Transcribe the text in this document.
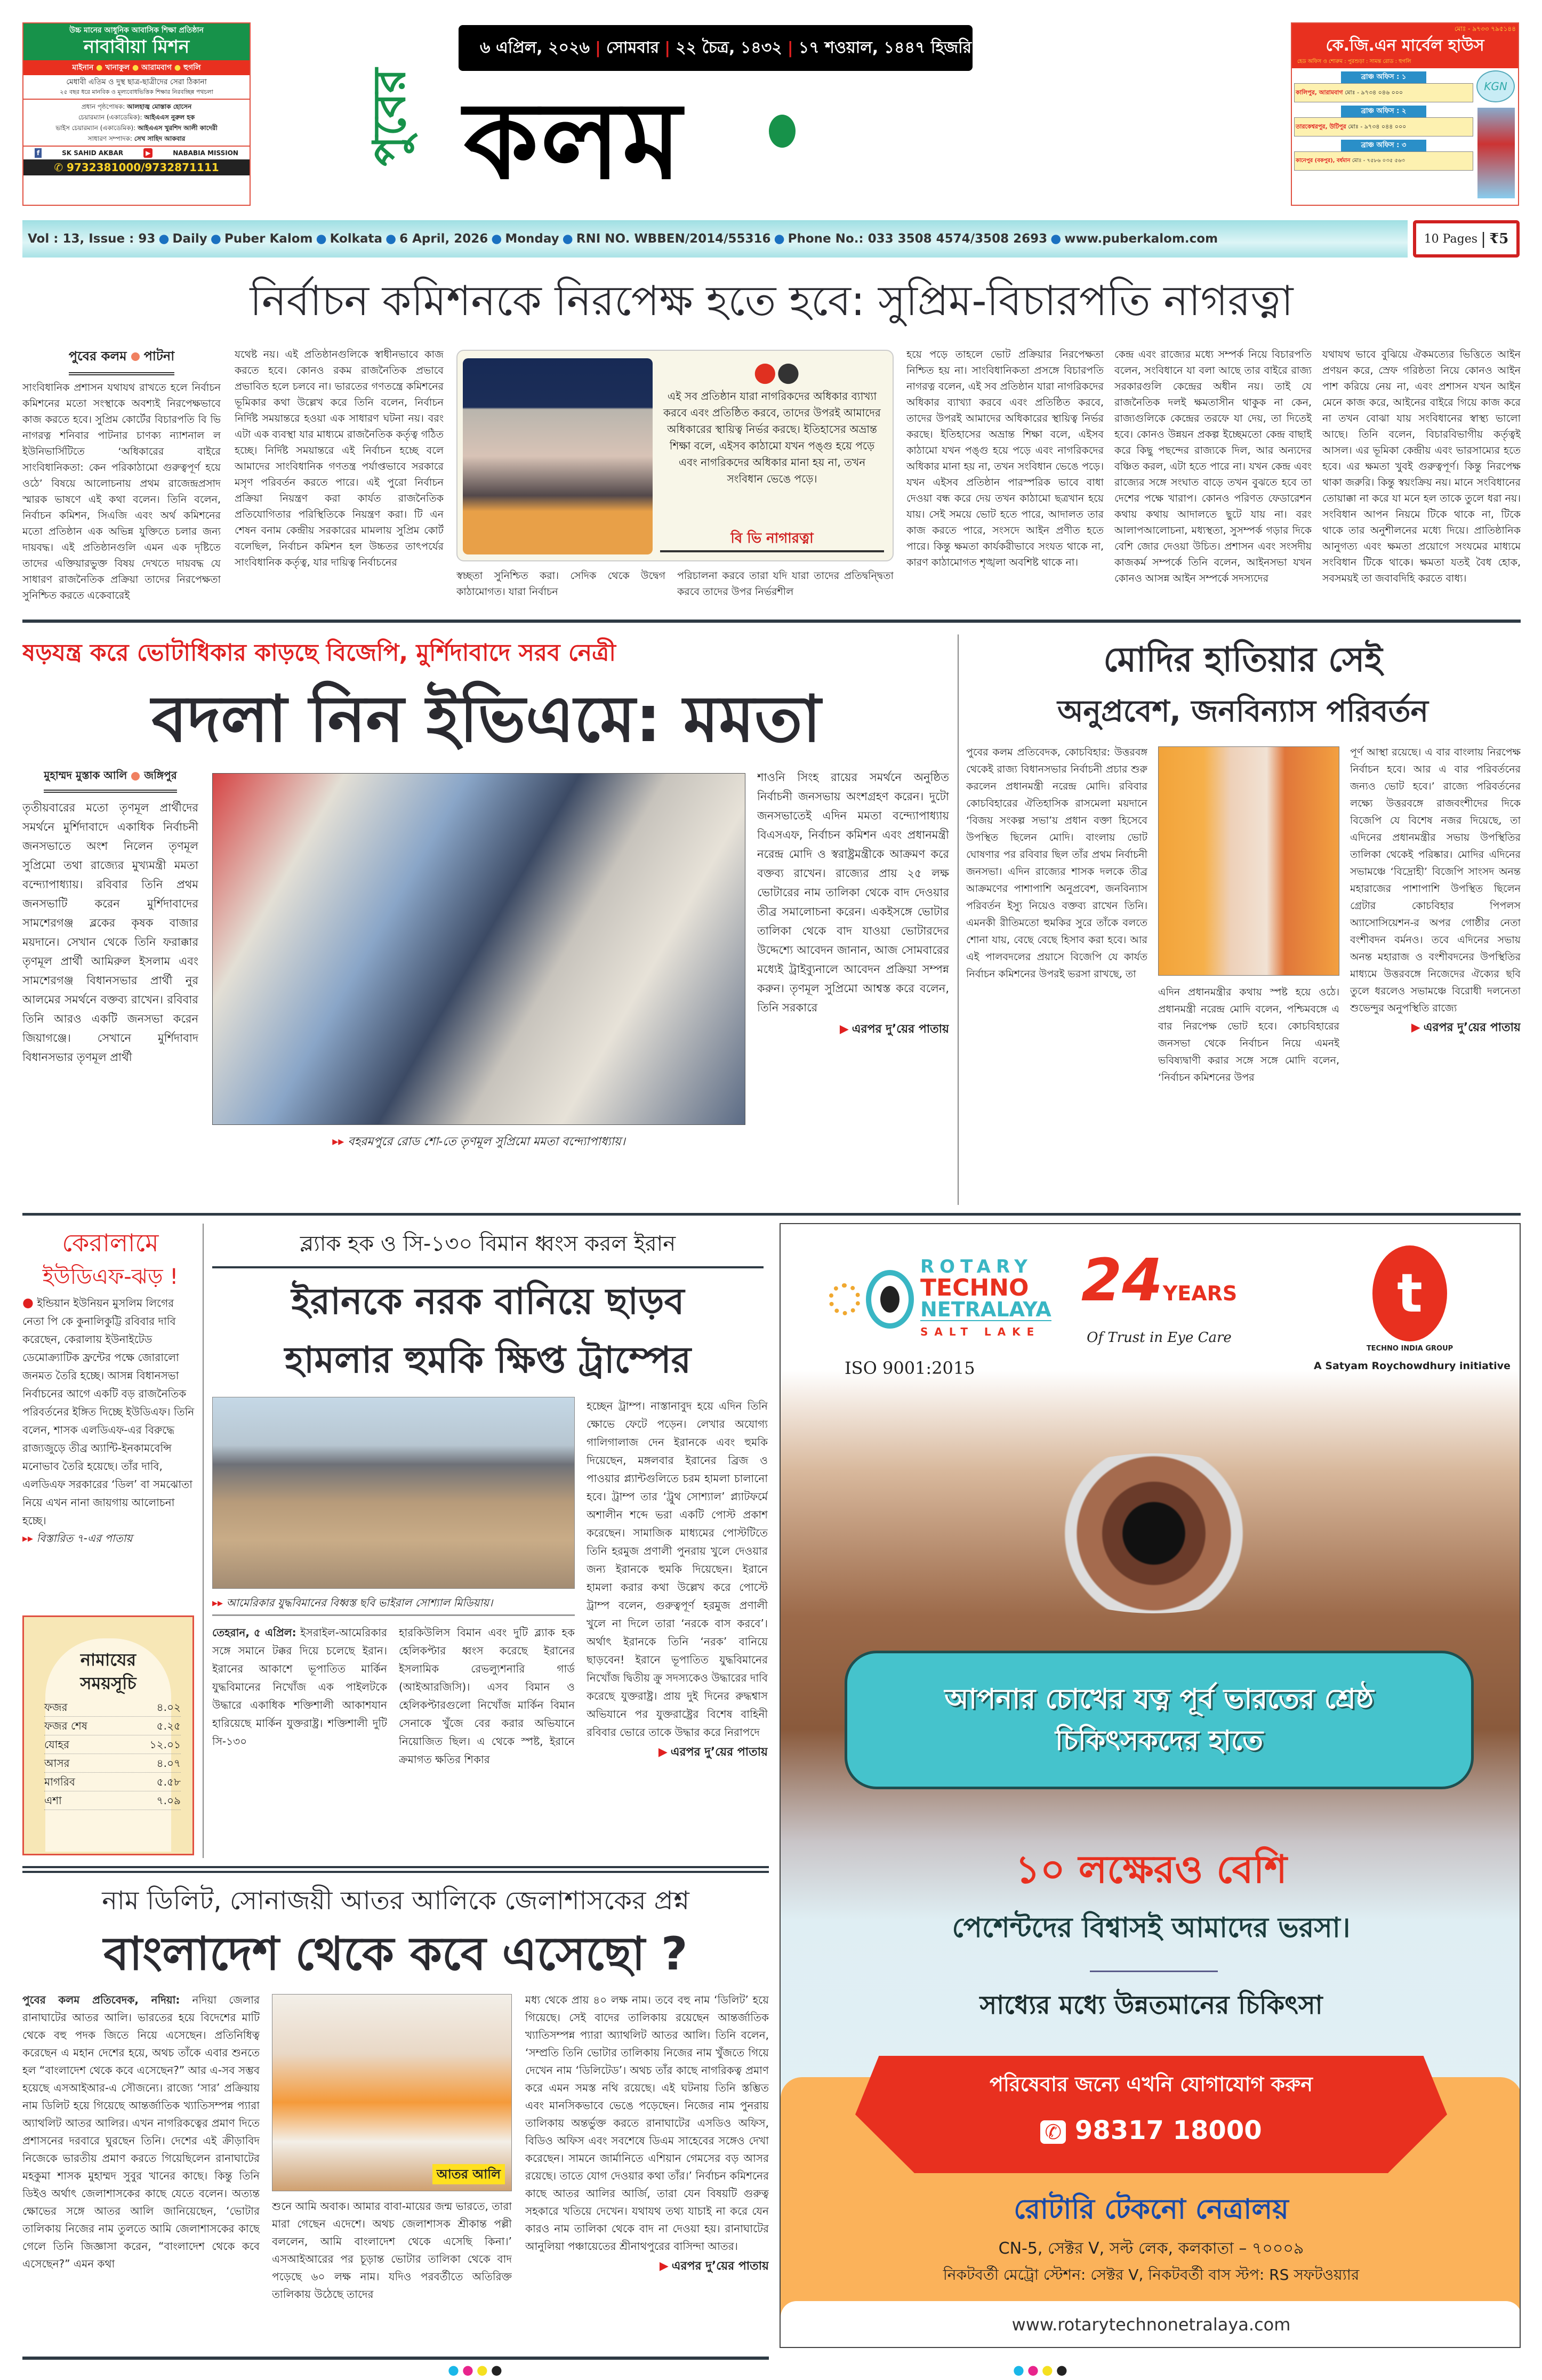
উচ্চ মানের আধুনিক আবাসিক শিক্ষা প্রতিষ্ঠান
নাবাবীয়া মিশন
মাইনান ● খানাকুল ● আরামবাগ ● হুগলি
মেধাবী এতিম ও দুস্থ ছাত্র-ছাত্রীদের সেরা ঠিকানা
২৫ বছর ধরে মানবিক ও মূল্যবোধভিত্তিক শিক্ষার নিরবচ্ছিন্ন পথচলা
প্রধান পৃষ্ঠপোষক: আলহাজ্ব মোস্তাক হোসেন
চেয়ারম্যান (একাডেমিক): আইএএস নুরুল হক
ভাইস চেয়ারম্যান (একাডেমিক): আইএএস খুরশিদ আলী কাদেরী
সাধারণ সম্পাদক: সেখ সাহিদ আকবার
f	SK SAHID AKBAR	▶	NABABIA MISSION
✆ 9732381000/9732871111
পুবের
৬ এপ্রিল, ২০২৬ | সোমবার | ২২ চৈত্র, ১৪৩২ | ১৭ শওয়াল, ১৪৪৭ হিজরি
কলম
মোঃ - ৯৭৩৩ ৭৯৫১৪৪
কে.জি.এন মার্বেল হাউস
হেড অফিস ও শোরুম : পুরশুড়া : সামন্ত রোড : হুগলি
KGN
ব্রাঞ্চ অফিস : ১
কালিপুর, আরামবাগ মোঃ - ৯৭৩৪ ০৪৬ ০০০
ব্রাঞ্চ অফিস : ২
তারকেশ্বরপুর, উটিপুর মোঃ - ৯৭৩৪ ০৪৪ ০০০
ব্রাঞ্চ অফিস : ৩
কানেপুর (বকপুর), বর্ধমান মোঃ - ৭৫৮৬ ০৩৫ ৫৬৩
Vol : 13, Issue : 93 ● Daily ● Puber Kalom ● Kolkata ● 6 April, 2026 ● Monday ● RNI NO. WBBEN/2014/55316 ● Phone No.: 033 3508 4574/3508 2693 ● www.puberkalom.com	10 Pages | ₹5
নির্বাচন কমিশনকে নিরপেক্ষ হতে হবে: সুপ্রিম-বিচারপতি নাগরত্না
পুবের কলম পাটনা
সাংবিধানিক প্রশাসন যথাযথ রাখতে হলে নির্বাচন কমিশনের মতো সংস্থাকে অবশ্যই নিরপেক্ষভাবে কাজ করতে হবে। সুপ্রিম কোর্টের বিচারপতি বি ভি নাগরত্ন শনিবার পাটনার চাণক্য ন্যাশনাল ল ইউনিভার্সিটিতে ‘অধিকারের বাইরে সাংবিধানিকতা: কেন পরিকাঠামো গুরুত্বপূর্ণ হয়ে ওঠে’ বিষয়ে আলোচনায় প্রথম রাজেন্দ্রপ্রসাদ স্মারক ভাষণে এই কথা বলেন। তিনি বলেন, নির্বাচন কমিশন, সিএজি এবং অর্থ কমিশনের মতো প্রতিষ্ঠান এক অভিন্ন যুক্তিতে চলার জন্য দায়বদ্ধ। এই প্রতিষ্ঠানগুলি এমন এক দৃষ্টিতে তাদের এক্তিয়ারভুক্ত বিষয় দেখতে দায়বদ্ধ যে সাধারণ রাজনৈতিক প্রক্রিয়া তাদের নিরপেক্ষতা সুনিশ্চিত করতে একেবারেই
যথেষ্ট নয়। এই প্রতিষ্ঠানগুলিকে স্বাধীনভাবে কাজ করতে হবে। কোনও রকম রাজনৈতিক প্রভাবে প্রভাবিত হলে চলবে না। ভারতের গণতন্ত্রে কমিশনের ভূমিকার কথা উল্লেখ করে তিনি বলেন, নির্বাচন নির্দিষ্ট সময়ান্তরে হওয়া এক সাধারণ ঘটনা নয়। বরং এটা এক ব্যবস্থা যার মাধ্যমে রাজনৈতিক কর্তৃত্ব গঠিত হচ্ছে। নির্দিষ্ট সময়ান্তরে এই নির্বাচন হচ্ছে বলে আমাদের সাংবিধানিক গণতন্ত্র পর্যাপ্তভাবে সরকারে মসৃণ পরিবর্তন করতে পারে। এই পুরো নির্বাচন প্রক্রিয়া নিয়ন্ত্রণ করা কার্যত রাজনৈতিক প্রতিযোগিতার পরিস্থিতিকে নিয়ন্ত্রণ করা। টি এন শেষন বনাম কেন্দ্রীয় সরকারের মামলায় সুপ্রিম কোর্ট বলেছিল, নির্বাচন কমিশন হল উচ্চতর তাৎপর্যের সাংবিধানিক কর্তৃত্ব, যার দায়িত্ব নির্বাচনের
●●
এই সব প্রতিষ্ঠান যারা নাগরিকদের অধিকার ব্যাখ্যা করবে এবং প্রতিষ্ঠিত করবে, তাদের উপরই আমাদের অধিকারের স্থায়িত্ব নির্ভর করছে। ইতিহাসের অভ্রান্ত শিক্ষা বলে, এইসব কাঠামো যখন পঙ্গু হয়ে পড়ে এবং নাগরিকদের অধিকার মানা হয় না, তখন সংবিধান ভেঙে পড়ে।
বি ভি নাগারত্না
স্বচ্ছতা সুনিশ্চিত করা। সেদিক থেকে উদ্বেগ কাঠামোগত। যারা নির্বাচন
পরিচালনা করবে তারা যদি যারা তাদের প্রতিদ্বন্দ্বিতা করবে তাদের উপর নির্ভরশীল
হয়ে পড়ে তাহলে ভোট প্রক্রিয়ার নিরপেক্ষতা নিশ্চিত হয় না। সাংবিধানিকতা প্রসঙ্গে বিচারপতি নাগরত্ন বলেন, এই সব প্রতিষ্ঠান যারা নাগরিকদের অধিকার ব্যাখ্যা করবে এবং প্রতিষ্ঠিত করবে, তাদের উপরই আমাদের অধিকারের স্থায়িত্ব নির্ভর করছে। ইতিহাসের অভ্রান্ত শিক্ষা বলে, এইসব কাঠামো যখন পঙ্গু হয়ে পড়ে এবং নাগরিকদের অধিকার মানা হয় না, তখন সংবিধান ভেঙে পড়ে। যখন এইসব প্রতিষ্ঠান পারস্পরিক ভাবে বাধা দেওয়া বন্ধ করে দেয় তখন কাঠামো ছত্রখান হয়ে যায়। সেই সময়ে ভোট হতে পারে, আদালত তার কাজ করতে পারে, সংসদে আইন প্রণীত হতে পারে। কিন্তু ক্ষমতা কার্যকরীভাবে সংযত থাকে না, কারণ কাঠামোগত শৃঙ্খলা অবশিষ্ট থাকে না।
কেন্দ্র এবং রাজ্যের মধ্যে সম্পর্ক নিয়ে বিচারপতি বলেন, সংবিধানে যা বলা আছে তার বাইরে রাজ্য সরকারগুলি কেন্দ্রের অধীন নয়। তাই যে রাজনৈতিক দলই ক্ষমতাসীন থাকুক না কেন, রাজ্যগুলিকে কেন্দ্রের তরফে যা দেয়, তা দিতেই হবে। কোনও উন্নয়ন প্রকল্প ইচ্ছেমতো কেন্দ্র বাছাই করে কিছু পছন্দের রাজ্যকে দিল, আর অন্যদের বঞ্চিত করল, এটা হতে পারে না। যখন কেন্দ্র এবং রাজ্যের সঙ্গে সংঘাত বাড়ে তখন বুঝতে হবে তা দেশের পক্ষে খারাপ। কোনও পরিণত ফেডারেশন কথায় কথায় আদালতে ছুটে যায় না। বরং আলাপআলোচনা, মধ্যস্থতা, সুসম্পর্ক গড়ার দিকে বেশি জোর দেওয়া উচিত। প্রশাসন এবং সংসদীয় কাজকর্ম সম্পর্কে তিনি বলেন, আইনসভা যখন কোনও আসন্ন আইন সম্পর্কে সদস্যদের
যথাযথ ভাবে বুঝিয়ে ঐকমত্যের ভিত্তিতে আইন প্রণয়ন করে, স্রেফ গরিষ্ঠতা নিয়ে কোনও আইন পাশ করিয়ে নেয় না, এবং প্রশাসন যখন আইন মেনে কাজ করে, আইনের বাইরে গিয়ে কাজ করে না তখন বোঝা যায় সংবিধানের স্বাস্থ্য ভালো আছে। তিনি বলেন, বিচারবিভাগীয় কর্তৃত্বই আসল। এর ভূমিকা কেন্দ্রীয় এবং ভারসাম্যের হতে হবে। এর ক্ষমতা খুবই গুরুত্বপূর্ণ। কিন্তু নিরপেক্ষ থাকা জরুরি। কিন্তু স্বয়ংক্রিয় নয়। মানে সংবিধানের তোয়াক্কা না করে যা মনে হল তাকে তুলে ধরা নয়। সংবিধান আপন নিয়মে টিকে থাকে না, টিকে থাকে তার অনুশীলনের মধ্যে দিয়ে। প্রাতিষ্ঠানিক আনুগত্য এবং ক্ষমতা প্রয়োগে সংযমের মাধ্যমে সংবিধান টিকে থাকে। ক্ষমতা যতই বৈধ হোক, সবসময়ই তা জবাবদিহি করতে বাধ্য।
ষড়যন্ত্র করে ভোটাধিকার কাড়ছে বিজেপি, মুর্শিদাবাদে সরব নেত্রী
বদলা নিন ইভিএমে: মমতা
মুহাম্মদ মুস্তাক আলি জঙ্গিপুর
তৃতীয়বারের মতো তৃণমূল প্রার্থীদের সমর্থনে মুর্শিদাবাদে একাধিক নির্বাচনী জনসভাতে অংশ নিলেন তৃণমূল সুপ্রিমো তথা রাজ্যের মুখ্যমন্ত্রী মমতা বন্দ্যোপাধ্যায়। রবিবার তিনি প্রথম জনসভাটি করেন মুর্শিদাবাদের সামশেরগঞ্জ ব্লকের কৃষক বাজার ময়দানে। সেখান থেকে তিনি ফরাক্কার তৃণমূল প্রার্থী আমিরুল ইসলাম এবং সামশেরগঞ্জ বিধানসভার প্রার্থী নুর আলমের সমর্থনে বক্তব্য রাখেন। রবিবার তিনি আরও একটি জনসভা করেন জিয়াগঞ্জে। সেখানে মুর্শিদাবাদ বিধানসভার তৃণমূল প্রার্থী
▸▸ বহরমপুরে রোড শো-তে তৃণমূল সুপ্রিমো মমতা বন্দ্যোপাধ্যায়।
শাওনি সিংহ রায়ের সমর্থনে অনুষ্ঠিত নির্বাচনী জনসভায় অংশগ্রহণ করেন। দুটো জনসভাতেই এদিন মমতা বন্দ্যোপাধ্যায় বিএসএফ, নির্বাচন কমিশন এবং প্রধানমন্ত্রী নরেন্দ্র মোদি ও স্বরাষ্ট্রমন্ত্রীকে আক্রমণ করে বক্তব্য রাখেন। রাজ্যের প্রায় ২৫ লক্ষ ভোটারের নাম তালিকা থেকে বাদ দেওয়ার তীব্র সমালোচনা করেন। একইসঙ্গে ভোটার তালিকা থেকে বাদ যাওয়া ভোটারদের উদ্দেশ্যে আবেদন জানান, আজ সোমবারের মধ্যেই ট্রাইব্যুনালে আবেদন প্রক্রিয়া সম্পন্ন করুন। তৃণমূল সুপ্রিমো আশ্বস্ত করে বলেন, তিনি সরকারে
▶ এরপর দু’য়ের পাতায়
মোদির হাতিয়ার সেই
অনুপ্রবেশ, জনবিন্যাস পরিবর্তন
পুবের কলম প্রতিবেদক, কোচবিহার: উত্তরবঙ্গ থেকেই রাজ্য বিধানসভার নির্বাচনী প্রচার শুরু করলেন প্রধানমন্ত্রী নরেন্দ্র মোদি। রবিবার কোচবিহারের ঐতিহাসিক রাসমেলা ময়দানে ‘বিজয় সংকল্প সভা’য় প্রধান বক্তা হিসেবে উপস্থিত ছিলেন মোদি। বাংলায় ভোট ঘোষণার পর রবিবার ছিল তাঁর প্রথম নির্বাচনী জনসভা। এদিন রাজ্যের শাসক দলকে তীব্র আক্রমণের পাশাপাশি অনুপ্রবেশ, জনবিন্যাস পরিবর্তন ইস্যু নিয়েও বক্তব্য রাখেন তিনি। এমনকী রীতিমতো হুমকির সুরে তাঁকে বলতে শোনা যায়, বেছে বেছে হিসাব করা হবে। আর এই পালবদলের প্রয়াসে বিজেপি যে কার্যত নির্বাচন কমিশনের উপরই ভরসা রাখছে, তা
এদিন প্রধানমন্ত্রীর কথায় স্পষ্ট হয়ে ওঠে। প্রধানমন্ত্রী নরেন্দ্র মোদি বলেন, পশ্চিমবঙ্গে এ বার নিরপেক্ষ ভোট হবে। কোচবিহারের জনসভা থেকে নির্বাচন নিয়ে এমনই ভবিষ্যদ্বাণী করার সঙ্গে সঙ্গে মোদি বলেন, ‘নির্বাচন কমিশনের উপর
পূর্ণ আস্থা রয়েছে। এ বার বাংলায় নিরপেক্ষ নির্বাচন হবে। আর এ বার পরিবর্তনের জন্যও ভোট হবে।’ রাজ্যে পরিবর্তনের লক্ষ্যে উত্তরবঙ্গে রাজবংশীদের দিকে বিজেপি যে বিশেষ নজর দিয়েছে, তা এদিনের প্রধানমন্ত্রীর সভায় উপস্থিতির তালিকা থেকেই পরিষ্কার। মোদির এদিনের সভামঞ্চে ‘বিদ্রোহী’ বিজেপি সাংসদ অনন্ত মহারাজের পাশাপাশি উপস্থিত ছিলেন গ্রেটার কোচবিহার পিপলস অ্যাসোসিয়েশন-র অপর গোষ্ঠীর নেতা বংশীবদন বর্মনও। তবে এদিনের সভায় অনন্ত মহারাজ ও বংশীবদনের উপস্থিতির মাধ্যমে উত্তরবঙ্গে নিজেদের ঐক্যের ছবি তুলে ধরলেও সভামঞ্চে বিরোধী দলনেতা শুভেন্দুর অনুপস্থিতি রাজ্যে
▶ এরপর দু’য়ের পাতায়
কেরালামে
ইউডিএফ-ঝড় !
● ইন্ডিয়ান ইউনিয়ন মুসলিম লিগের নেতা পি কে কুনালিকুট্টি রবিবার দাবি করেছেন, কেরালায় ইউনাইটেড ডেমোক্র্যাটিক ফ্রন্টের পক্ষে জোরালো জনমত তৈরি হচ্ছে। আসন্ন বিধানসভা নির্বাচনের আগে একটি বড় রাজনৈতিক পরিবর্তনের ইঙ্গিত দিচ্ছে ইউডিএফ। তিনি বলেন, শাসক এলডিএফ-এর বিরুদ্ধে রাজ্যজুড়ে তীব্র অ্যান্টি-ইনকামবেন্সি মনোভাব তৈরি হয়েছে। তাঁর দাবি, এলডিএফ সরকারের ‘ডিল’ বা সমঝোতা নিয়ে এখন নানা জায়গায় আলোচনা হচ্ছে।
▸▸ বিস্তারিত ৭-এর পাতায়
নামাযের
সময়সূচি
ফজর	৪.০২
ফজর শেষ	৫.২৫
যোহর	১২.০১
আসর	৪.০৭
মাগরিব	৫.৫৮
এশা	৭.০৯
ব্ল্যাক হক ও সি-১৩০ বিমান ধ্বংস করল ইরান
ইরানকে নরক বানিয়ে ছাড়ব
হামলার হুমকি ক্ষিপ্ত ট্রাম্পের
▸▸ আমেরিকার যুদ্ধবিমানের বিধ্বস্ত ছবি ভাইরাল সোশ্যাল মিডিয়ায়।
তেহরান, ৫ এপ্রিল: ইসরাইল-আমেরিকার সঙ্গে সমানে টক্কর দিয়ে চলেছে ইরান। ইরানের আকাশে ভূপাতিত মার্কিন যুদ্ধবিমানের নিখোঁজ এক পাইলটকে উদ্ধারে একাধিক শক্তিশালী আকাশযান হারিয়েছে মার্কিন যুক্তরাষ্ট্র। শক্তিশালী দুটি সি-১৩০
হারকিউলিস বিমান এবং দুটি ব্ল্যাক হক হেলিকপ্টার ধ্বংস করেছে ইরানের ইসলামিক রেভল্যুশনারি গার্ড (আইআরজিসি)। এসব বিমান ও হেলিকপ্টারগুলো নিখোঁজ মার্কিন বিমান সেনাকে খুঁজে বের করার অভিযানে নিয়োজিত ছিল। এ থেকে স্পষ্ট, ইরানে ক্রমাগত ক্ষতির শিকার
হচ্ছেন ট্রাম্প। নাস্তানাবুদ হয়ে এদিন তিনি ক্ষোভে ফেটে পড়েন। লেখার অযোগ্য গালিগালাজ দেন ইরানকে এবং হুমকি দিয়েছেন, মঙ্গলবার ইরানের ব্রিজ ও পাওয়ার প্ল্যান্টগুলিতে চরম হামলা চালানো হবে। ট্রাম্প তার ‘ট্রুথ সোশ্যাল’ প্ল্যাটফর্মে অশালীন শব্দে ভরা একটি পোস্ট প্রকাশ করেছেন। সামাজিক মাধ্যমের পোস্টটিতে তিনি হরমুজ প্রণালী পুনরায় খুলে দেওয়ার জন্য ইরানকে হুমকি দিয়েছেন। ইরানে হামলা করার কথা উল্লেখ করে পোস্টে ট্রাম্প বলেন, গুরুত্বপূর্ণ হরমুজ প্রণালী খুলে না দিলে তারা ‘নরকে বাস করবে’। অর্থাৎ ইরানকে তিনি ‘নরক’ বানিয়ে ছাড়বেন! ইরানে ভূপাতিত যুদ্ধবিমানের নিখোঁজ দ্বিতীয় ক্রু সদস্যকেও উদ্ধারের দাবি করেছে যুক্তরাষ্ট্র। প্রায় দুই দিনের রুদ্ধশ্বাস অভিযানে পর যুক্তরাষ্ট্রের বিশেষ বাহিনী রবিবার ভোরে তাকে উদ্ধার করে নিরাপদে
▶ এরপর দু’য়ের পাতায়
নাম ডিলিট, সোনাজয়ী আতর আলিকে জেলাশাসকের প্রশ্ন
বাংলাদেশ থেকে কবে এসেছো ?
পুবের কলম প্রতিবেদক, নদিয়া: নদিয়া জেলার রানাঘাটের আতর আলি। ভারতের হয়ে বিদেশের মাটি থেকে বহু পদক জিতে নিয়ে এসেছেন। প্রতিনিধিত্ব করেছেন এ মহান দেশের হয়ে, অথচ তাঁকে এবার শুনতে হল “বাংলাদেশ থেকে কবে এসেছেন?” আর এ-সব সম্ভব হয়েছে এসআইআর-এ সৌজন্যে। রাজ্যে ‘সার’ প্রক্রিয়ায় নাম ডিলিট হয়ে গিয়েছে আন্তর্জাতিক খ্যাতিসম্পন্ন প্যারা অ্যাথলিট আতর আলির। এখন নাগরিকত্বের প্রমাণ দিতে প্রশাসনের দরবারে ঘুরছেন তিনি। দেশের এই ক্রীড়াবিদ নিজেকে ভারতীয় প্রমাণ করতে গিয়েছিলেন রানাঘাটের মহকুমা শাসক মুহাম্মদ সুবুর খানের কাছে। কিন্তু তিনি ডিইও অর্থাৎ জেলাশাসকের কাছে যেতে বলেন। অত্যন্ত ক্ষোভের সঙ্গে আতর আলি জানিয়েছেন, ‘ভোটার তালিকায় নিজের নাম তুলতে আমি জেলাশাসকের কাছে গেলে তিনি জিজ্ঞাসা করেন, “বাংলাদেশ থেকে কবে এসেছেন?” এমন কথা
আতর আলি
শুনে আমি অবাক। আমার বাবা-মায়ের জন্ম ভারতে, তারা মারা গেছেন এদেশে। অথচ জেলাশাসক শ্রীকান্ত পল্লী বললেন, আমি বাংলাদেশ থেকে এসেছি কিনা।’ এসআইআরের পর চূড়ান্ত ভোটার তালিকা থেকে বাদ পড়েছে ৬০ লক্ষ নাম। যদিও পরবর্তীতে অতিরিক্ত তালিকায় উঠেছে তাদের
মধ্য থেকে প্রায় ৪০ লক্ষ নাম। তবে বহু নাম ‘ডিলিট’ হয়ে গিয়েছে। সেই বাদের তালিকায় রয়েছেন আন্তর্জাতিক খ্যাতিসম্পন্ন প্যারা অ্যাথলিট আতর আলি। তিনি বলেন, ‘সম্প্রতি তিনি ভোটার তালিকায় নিজের নাম খুঁজতে গিয়ে দেখেন নাম ‘ডিলিটেড’। অথচ তাঁর কাছে নাগরিকত্ব প্রমাণ করে এমন সমস্ত নথি রয়েছে। এই ঘটনায় তিনি স্তম্ভিত এবং মানসিকভাবে ভেঙে পড়েছেন। নিজের নাম পুনরায় তালিকায় অন্তর্ভুক্ত করতে রানাঘাটের এসডিও অফিস, বিডিও অফিস এবং সবশেষে ডিএম সাহেবের সঙ্গেও দেখা করেছেন। সামনে জার্মানিতে এশিয়ান গেমসের বড় আসর রয়েছে। তাতে যোগ দেওয়ার কথা তাঁর।’ নির্বাচন কমিশনের কাছে আতর আলির আর্জি, তারা যেন বিষয়টি গুরুত্ব সহকারে খতিয়ে দেখেন। যথাযথ তথ্য যাচাই না করে যেন কারও নাম তালিকা থেকে বাদ না দেওয়া হয়। রানাঘাটের আনুলিয়া পঞ্চায়েতের শ্রীনাথপুরের বাসিন্দা আতর।
▶ এরপর দু’য়ের পাতায়
●●●●
ROTARY
TECHNO
NETRALAYA
SALT LAKE
ISO 9001:2015
24YEARS
Of Trust in Eye Care
t
TECHNO INDIA GROUP
A Satyam Roychowdhury initiative
আপনার চোখের যত্ন পূর্ব ভারতের শ্রেষ্ঠ চিকিৎসকদের হাতে
১০ লক্ষেরও বেশি
পেশেন্টদের বিশ্বাসই আমাদের ভরসা।
সাধ্যের মধ্যে উন্নতমানের চিকিৎসা
পরিষেবার জন্যে এখনি যোগাযোগ করুন
✆ 98317 18000
রোটারি টেকনো নেত্রালয়
CN-5, সেক্টর V, সল্ট লেক, কলকাতা – ৭০০০৯
নিকটবর্তী মেট্রো স্টেশন: সেক্টর V, নিকটবর্তী বাস স্টপ: RS সফটওয়্যার
www.rotarytechnonetralaya.com
●●●●
